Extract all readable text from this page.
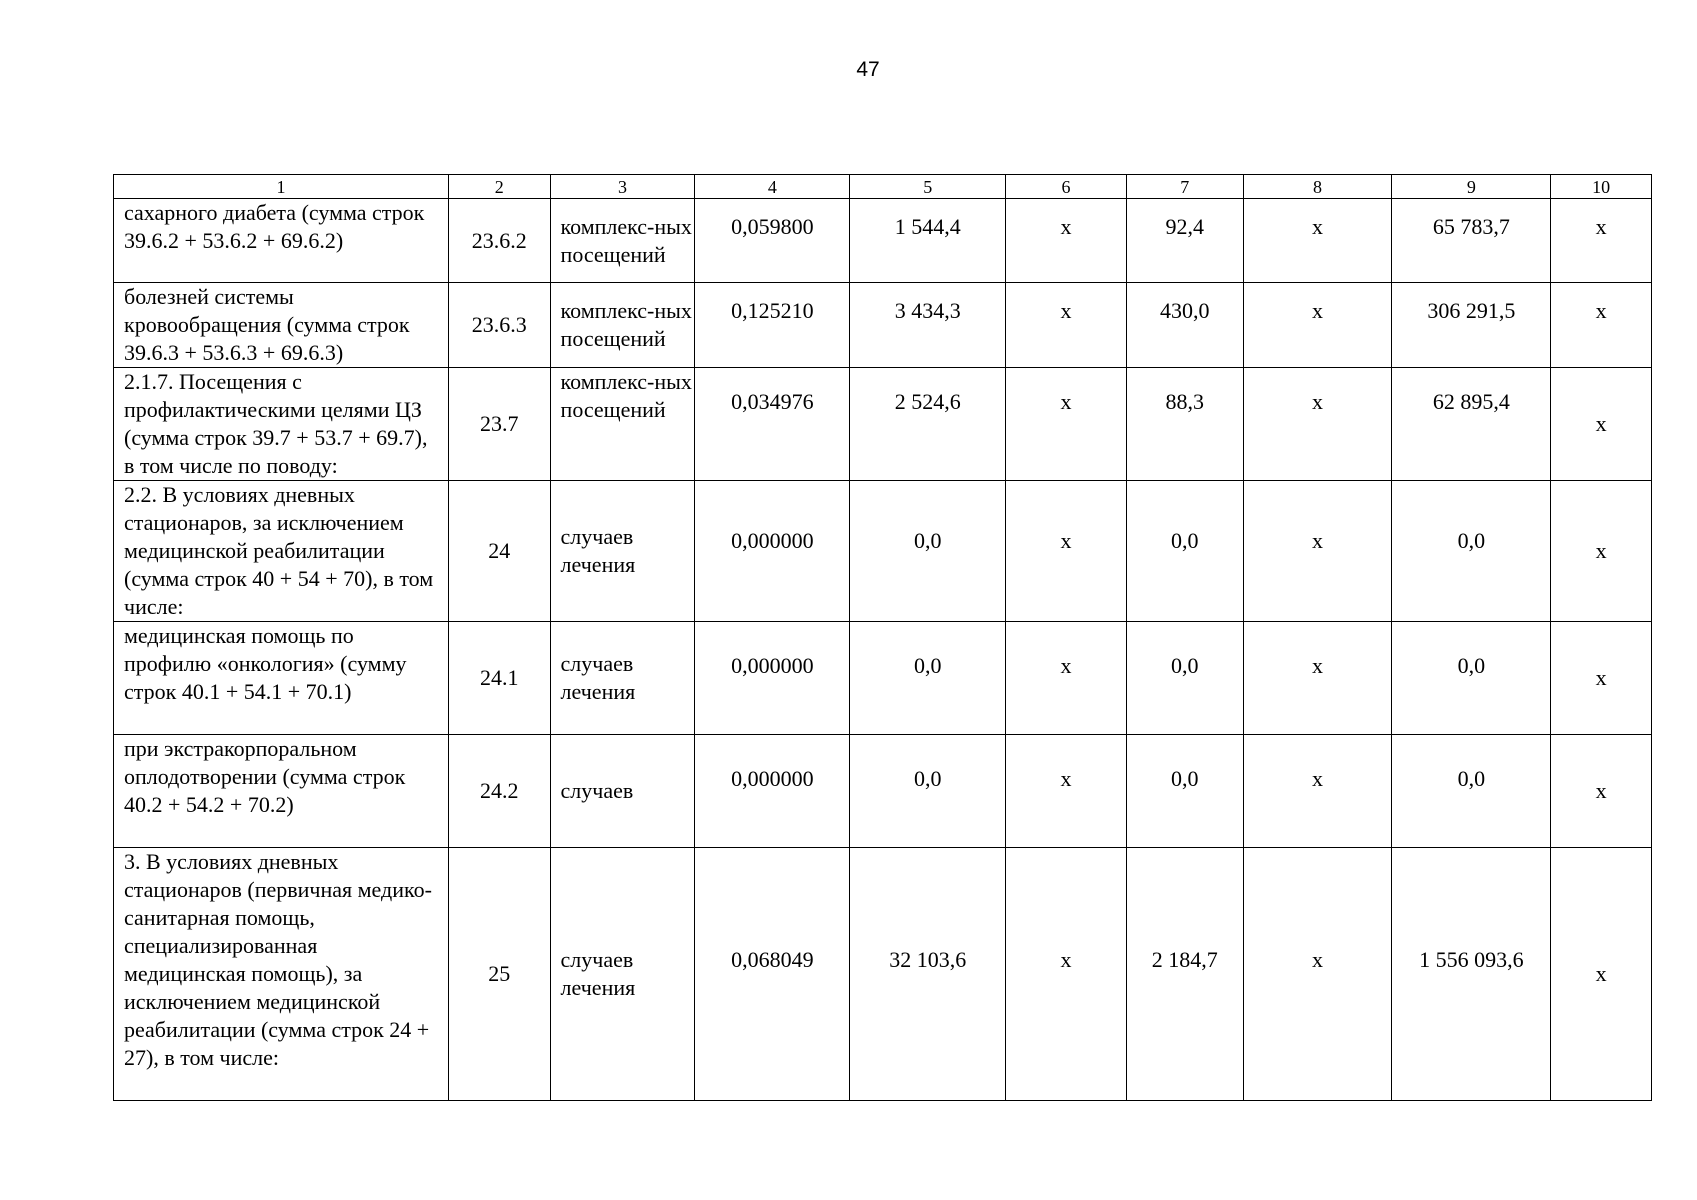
47
1	2	3	4	5	6	7	8	9	10
сахарного диабета (сумма строк 39.6.2 + 53.6.2 + 69.6.2)	23.6.2	комплекс-ных посещений	0,059800	1 544,4	х	92,4	х	65 783,7	х
болезней системы кровообращения (сумма строк 39.6.3 + 53.6.3 + 69.6.3)	23.6.3	комплекс-ных посещений	0,125210	3 434,3	х	430,0	х	306 291,5	х
2.1.7. Посещения с профилактическими целями ЦЗ (сумма строк 39.7 + 53.7 + 69.7), в том числе по поводу:	23.7	комплекс-ных посещений	0,034976	2 524,6	х	88,3	х	62 895,4	х
2.2. В условиях дневных стационаров, за исключением медицинской реабилитации (сумма строк 40 + 54 + 70), в том числе:	24	случаев лечения	0,000000	0,0	х	0,0	х	0,0	х
медицинская помощь по профилю «онкология» (сумму строк 40.1 + 54.1 + 70.1)	24.1	случаев лечения	0,000000	0,0	х	0,0	х	0,0	х
при экстракорпоральном оплодотворении (сумма строк 40.2 + 54.2 + 70.2)	24.2	случаев	0,000000	0,0	х	0,0	х	0,0	х
3. В условиях дневных стационаров (первичная медико-санитарная помощь, специализированная медицинская помощь), за исключением медицинской реабилитации (сумма строк 24 + 27), в том числе:	25	случаев лечения	0,068049	32 103,6	х	2 184,7	х	1 556 093,6	х
